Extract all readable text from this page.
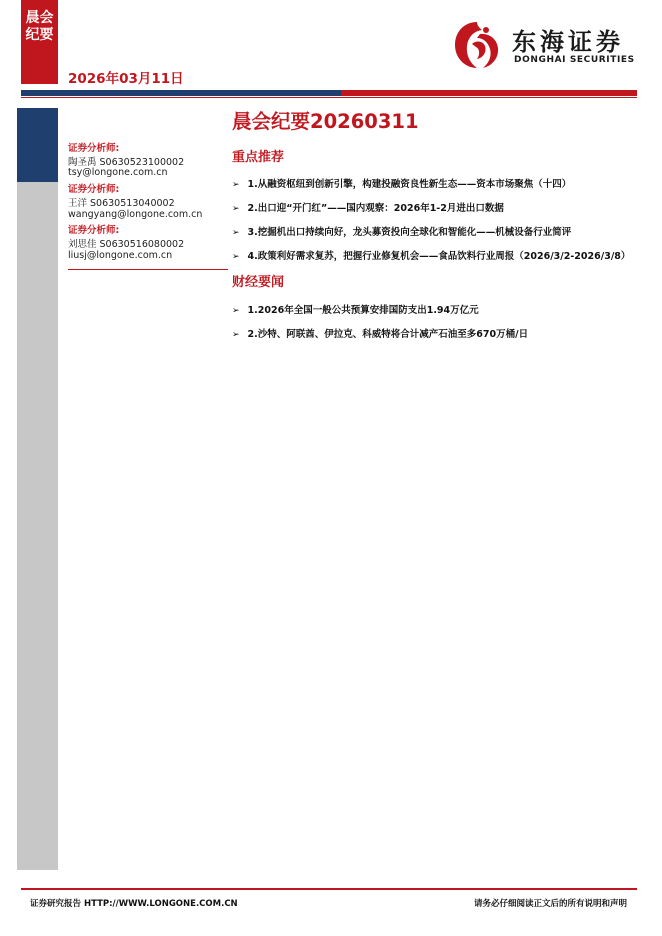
晨会纪要
2026年03月11日
东海证券
DONGHAI SECURITIES
证券分析师:
陶圣禹 S0630523100002
tsy@longone.com.cn
证券分析师:
王洋 S0630513040002
wangyang@longone.com.cn
证券分析师:
刘思佳 S0630516080002
liusj@longone.com.cn
晨会纪要20260311
重点推荐
➢ 1.从融资枢纽到创新引擎，构建投融资良性新生态——资本市场聚焦（十四）
➢ 2.出口迎“开门红”——国内观察：2026年1-2月进出口数据
➢ 3.挖掘机出口持续向好，龙头募资投向全球化和智能化——机械设备行业简评
➢ 4.政策利好需求复苏，把握行业修复机会——食品饮料行业周报（2026/3/2-2026/3/8）
财经要闻
➢ 1.2026年全国一般公共预算安排国防支出1.94万亿元
➢ 2.沙特、阿联酋、伊拉克、科威特将合计减产石油至多670万桶/日
证券研究报告 HTTP://WWW.LONGONE.COM.CN	请务必仔细阅读正文后的所有说明和声明
